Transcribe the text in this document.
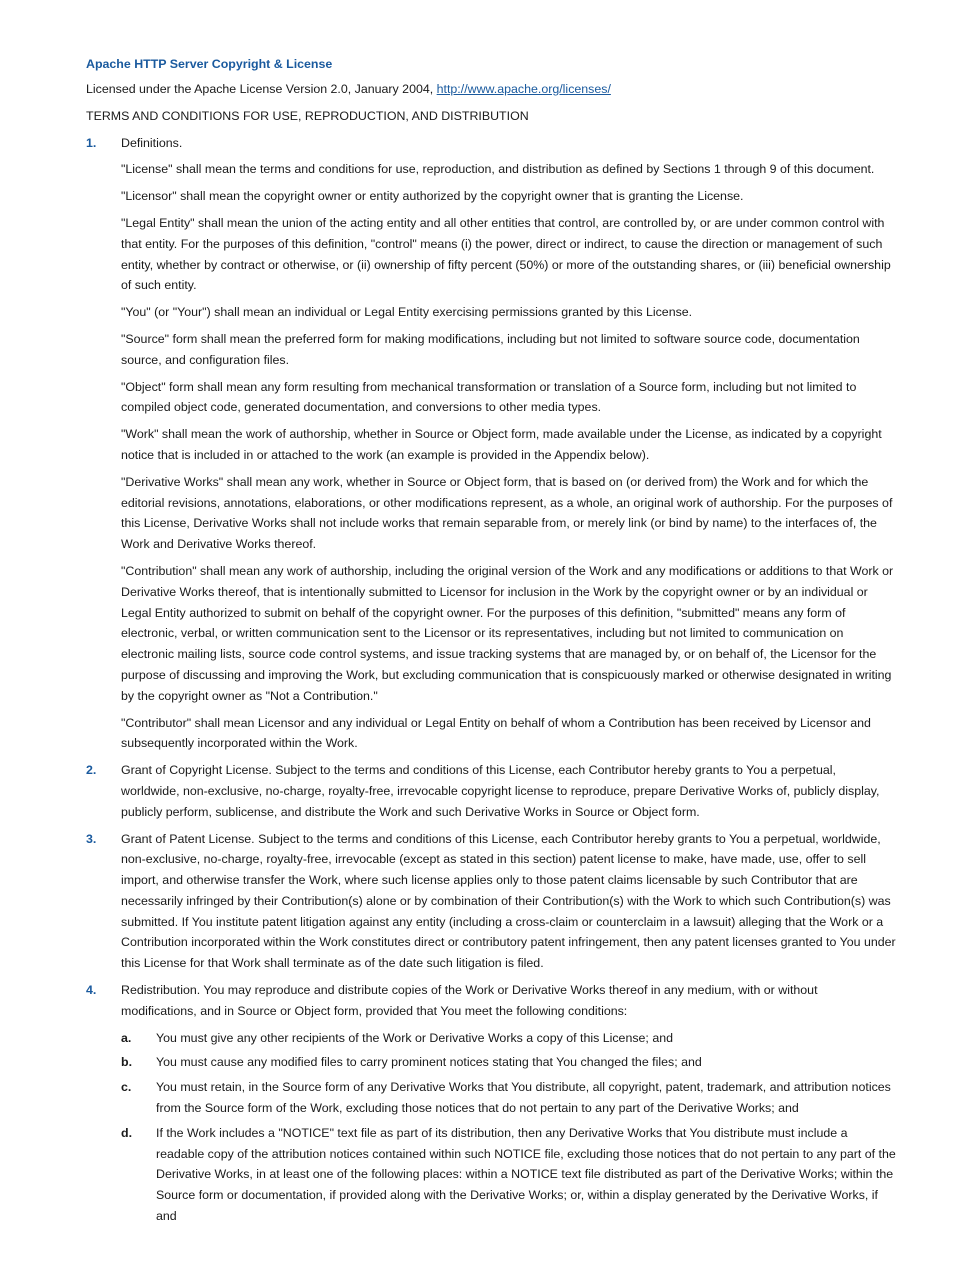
Apache HTTP Server Copyright & License
Licensed under the Apache License Version 2.0, January 2004, http://www.apache.org/licenses/
TERMS AND CONDITIONS FOR USE, REPRODUCTION, AND DISTRIBUTION
1. Definitions.
"License" shall mean the terms and conditions for use, reproduction, and distribution as defined by Sections 1 through 9 of this document.
"Licensor" shall mean the copyright owner or entity authorized by the copyright owner that is granting the License.
"Legal Entity" shall mean the union of the acting entity and all other entities that control, are controlled by, or are under common control with that entity. For the purposes of this definition, "control" means (i) the power, direct or indirect, to cause the direction or management of such entity, whether by contract or otherwise, or (ii) ownership of fifty percent (50%) or more of the outstanding shares, or (iii) beneficial ownership of such entity.
"You" (or "Your") shall mean an individual or Legal Entity exercising permissions granted by this License.
"Source" form shall mean the preferred form for making modifications, including but not limited to software source code, documentation source, and configuration files.
"Object" form shall mean any form resulting from mechanical transformation or translation of a Source form, including but not limited to compiled object code, generated documentation, and conversions to other media types.
"Work" shall mean the work of authorship, whether in Source or Object form, made available under the License, as indicated by a copyright notice that is included in or attached to the work (an example is provided in the Appendix below).
"Derivative Works" shall mean any work, whether in Source or Object form, that is based on (or derived from) the Work and for which the editorial revisions, annotations, elaborations, or other modifications represent, as a whole, an original work of authorship. For the purposes of this License, Derivative Works shall not include works that remain separable from, or merely link (or bind by name) to the interfaces of, the Work and Derivative Works thereof.
"Contribution" shall mean any work of authorship, including the original version of the Work and any modifications or additions to that Work or Derivative Works thereof, that is intentionally submitted to Licensor for inclusion in the Work by the copyright owner or by an individual or Legal Entity authorized to submit on behalf of the copyright owner. For the purposes of this definition, "submitted" means any form of electronic, verbal, or written communication sent to the Licensor or its representatives, including but not limited to communication on electronic mailing lists, source code control systems, and issue tracking systems that are managed by, or on behalf of, the Licensor for the purpose of discussing and improving the Work, but excluding communication that is conspicuously marked or otherwise designated in writing by the copyright owner as "Not a Contribution."
"Contributor" shall mean Licensor and any individual or Legal Entity on behalf of whom a Contribution has been received by Licensor and subsequently incorporated within the Work.
2. Grant of Copyright License. Subject to the terms and conditions of this License, each Contributor hereby grants to You a perpetual, worldwide, non-exclusive, no-charge, royalty-free, irrevocable copyright license to reproduce, prepare Derivative Works of, publicly display, publicly perform, sublicense, and distribute the Work and such Derivative Works in Source or Object form.
3. Grant of Patent License. Subject to the terms and conditions of this License, each Contributor hereby grants to You a perpetual, worldwide, non-exclusive, no-charge, royalty-free, irrevocable (except as stated in this section) patent license to make, have made, use, offer to sell import, and otherwise transfer the Work, where such license applies only to those patent claims licensable by such Contributor that are necessarily infringed by their Contribution(s) alone or by combination of their Contribution(s) with the Work to which such Contribution(s) was submitted. If You institute patent litigation against any entity (including a cross-claim or counterclaim in a lawsuit) alleging that the Work or a Contribution incorporated within the Work constitutes direct or contributory patent infringement, then any patent licenses granted to You under this License for that Work shall terminate as of the date such litigation is filed.
4. Redistribution. You may reproduce and distribute copies of the Work or Derivative Works thereof in any medium, with or without modifications, and in Source or Object form, provided that You meet the following conditions:
a. You must give any other recipients of the Work or Derivative Works a copy of this License; and
b. You must cause any modified files to carry prominent notices stating that You changed the files; and
c. You must retain, in the Source form of any Derivative Works that You distribute, all copyright, patent, trademark, and attribution notices from the Source form of the Work, excluding those notices that do not pertain to any part of the Derivative Works; and
d. If the Work includes a "NOTICE" text file as part of its distribution, then any Derivative Works that You distribute must include a readable copy of the attribution notices contained within such NOTICE file, excluding those notices that do not pertain to any part of the Derivative Works, in at least one of the following places: within a NOTICE text file distributed as part of the Derivative Works; within the Source form or documentation, if provided along with the Derivative Works; or, within a display generated by the Derivative Works, if and
